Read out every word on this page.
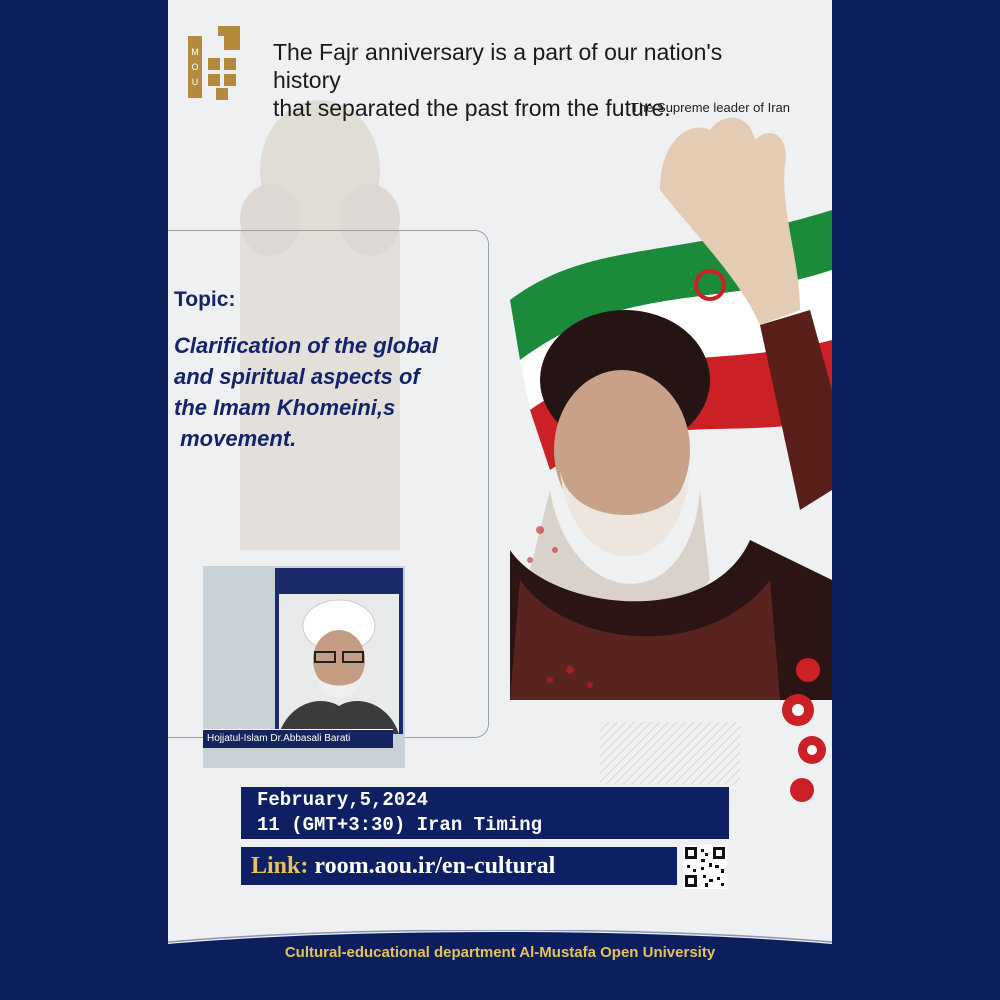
M
O
U
The Fajr anniversary is a part of our nation's history
that separated the past from the future.
The Supreme leader of Iran
Topic:
Clarification of the global
and spiritual aspects of
the Imam Khomeini,s
movement.
Hojjatul-Islam Dr.Abbasali Barati
February,5,2024
11 (GMT+3:30) Iran Timing
Link: room.aou.ir/en-cultural
Cultural-educational department Al-Mustafa Open University
